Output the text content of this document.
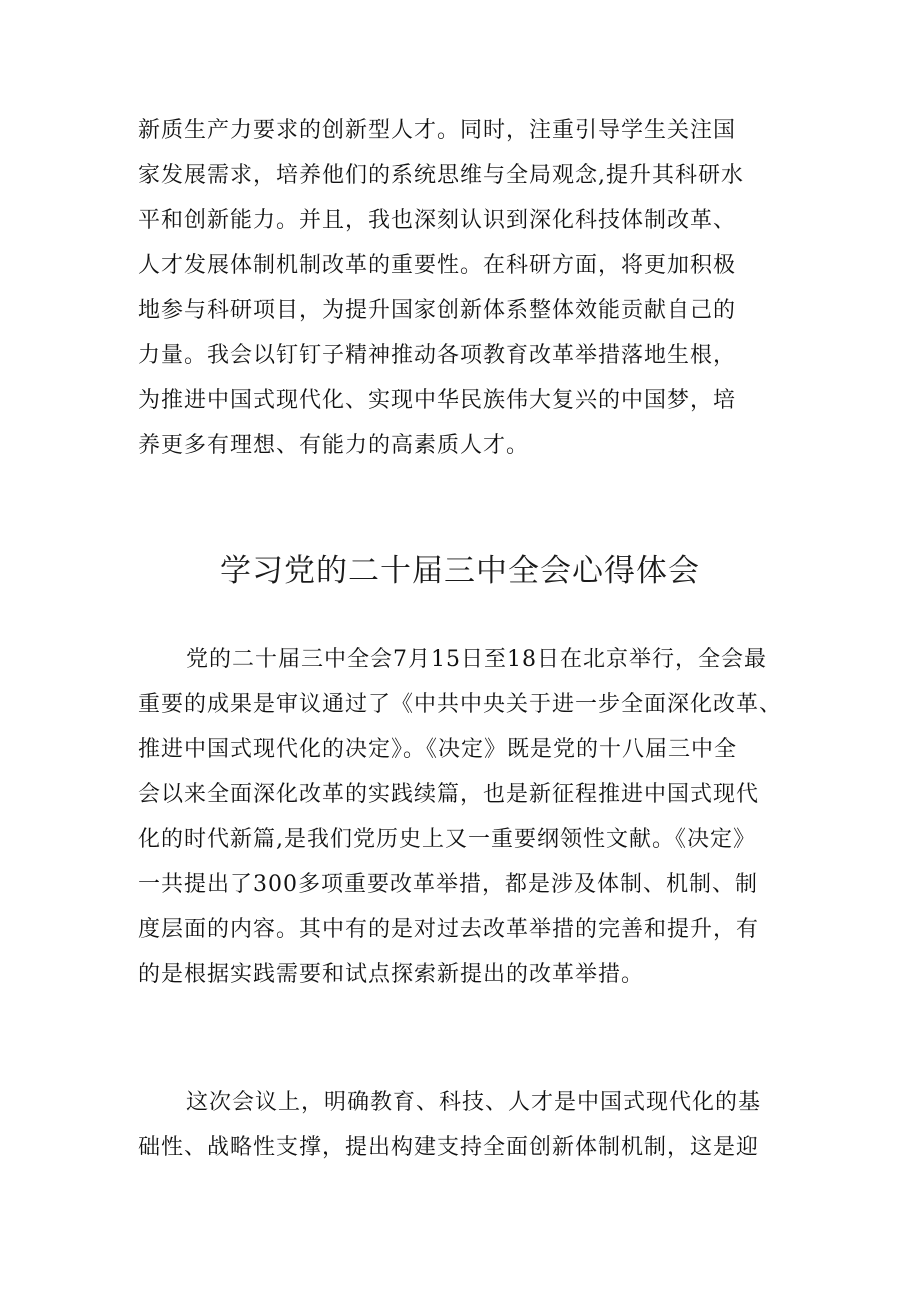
新质生产力要求的创新型人才。同时，注重引导学生关注国
家发展需求，培养他们的系统思维与全局观念,提升其科研水
平和创新能力。并且，我也深刻认识到深化科技体制改革、
人才发展体制机制改革的重要性。在科研方面，将更加积极
地参与科研项目，为提升国家创新体系整体效能贡献自己的
力量。我会以钉钉子精神推动各项教育改革举措落地生根，
为推进中国式现代化、实现中华民族伟大复兴的中国梦，培
养更多有理想、有能力的高素质人才。
学习党的二十届三中全会心得体会
党的二十届三中全会7月15日至18日在北京举行，全会最
重要的成果是审议通过了《中共中央关于进一步全面深化改革、
推进中国式现代化的决定》。《决定》既是党的十八届三中全
会以来全面深化改革的实践续篇，也是新征程推进中国式现代
化的时代新篇,是我们党历史上又一重要纲领性文献。《决定》
一共提出了300多项重要改革举措，都是涉及体制、机制、制
度层面的内容。其中有的是对过去改革举措的完善和提升，有
的是根据实践需要和试点探索新提出的改革举措。
这次会议上，明确教育、科技、人才是中国式现代化的基
础性、战略性支撑，提出构建支持全面创新体制机制，这是迎
